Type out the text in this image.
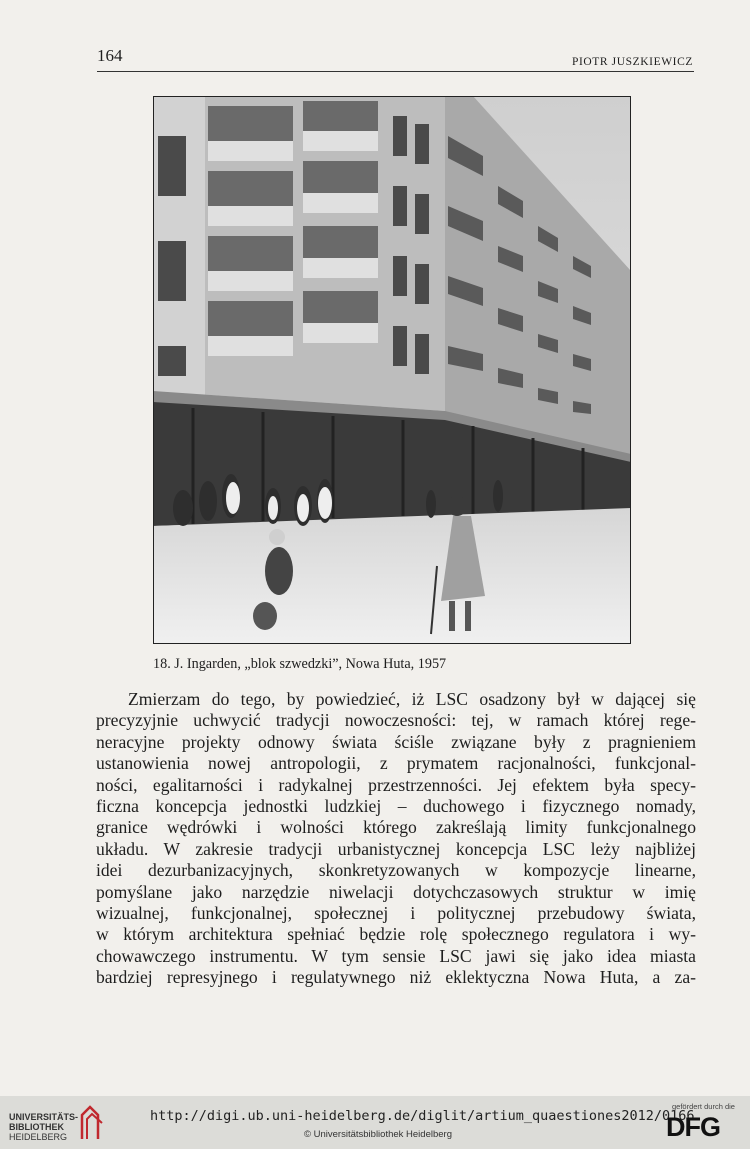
164	PIOTR JUSZKIEWICZ
18. J. Ingarden, „blok szwedzki”, Nowa Huta, 1957
Zmierzam do tego, by powiedzieć, iż LSC osadzony był w dającej się
precyzyjnie uchwycić tradycji nowoczesności: tej, w ramach której rege-
neracyjne projekty odnowy świata ściśle związane były z pragnieniem
ustanowienia nowej antropologii, z prymatem racjonalności, funkcjonal-
ności, egalitarności i radykalnej przestrzenności. Jej efektem była specy-
ficzna koncepcja jednostki ludzkiej – duchowego i fizycznego nomady,
granice wędrówki i wolności którego zakreślają limity funkcjonalnego
układu. W zakresie tradycji urbanistycznej koncepcja LSC leży najbliżej
idei dezurbanizacyjnych, skonkretyzowanych w kompozycje linearne,
pomyślane jako narzędzie niwelacji dotychczasowych struktur w imię
wizualnej, funkcjonalnej, społecznej i politycznej przebudowy świata,
w którym architektura spełniać będzie rolę społecznego regulatora i wy-
chowawczego instrumentu. W tym sensie LSC jawi się jako idea miasta
bardziej represyjnego i regulatywnego niż eklektyczna Nowa Huta, a za-
UNIVERSITÄTS-
BIBLIOTHEK
HEIDELBERG
http://digi.ub.uni-heidelberg.de/diglit/artium_quaestiones2012/0166
© Universitätsbibliothek Heidelberg
gefördert durch die
DFG
